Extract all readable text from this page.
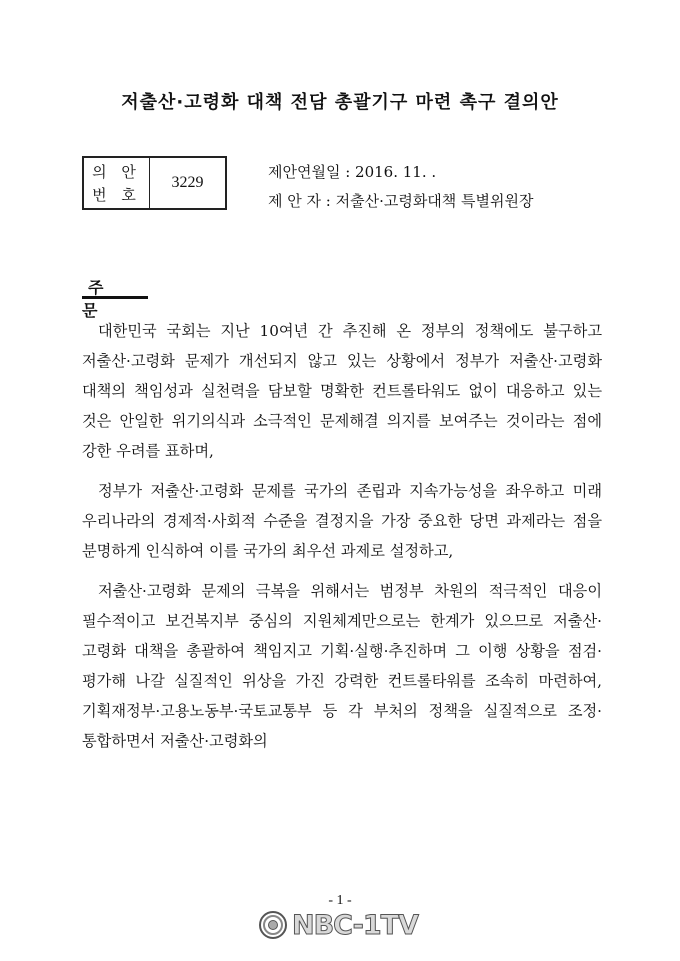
저출산·고령화 대책 전담 총괄기구 마련 촉구 결의안
의 안
번 호
3229
제안연월일 : 2016. 11. .
제 안 자 : 저출산·고령화대책 특별위원장
주 문

대한민국 국회는 지난 10여년 간 추진해 온 정부의 정책에도 불구하고 저출산·고령화 문제가 개선되지 않고 있는 상황에서 정부가 저출산·고령화 대책의 책임성과 실천력을 담보할 명확한 컨트롤타워도 없이 대응하고 있는 것은 안일한 위기의식과 소극적인 문제해결 의지를 보여주는 것이라는 점에 강한 우려를 표하며,

정부가 저출산·고령화 문제를 국가의 존립과 지속가능성을 좌우하고 미래 우리나라의 경제적·사회적 수준을 결정지을 가장 중요한 당면 과제라는 점을 분명하게 인식하여 이를 국가의 최우선 과제로 설정하고,

저출산·고령화 문제의 극복을 위해서는 범정부 차원의 적극적인 대응이 필수적이고 보건복지부 중심의 지원체계만으로는 한계가 있으므로 저출산·고령화 대책을 총괄하여 책임지고 기획·실행·추진하며 그 이행 상황을 점검·평가해 나갈 실질적인 위상을 가진 강력한 컨트롤타워를 조속히 마련하여, 기획재정부·고용노동부·국토교통부 등 각 부처의 정책을 실질적으로 조정·통합하면서 저출산·고령화의

- 1 -
NBC-1TV
